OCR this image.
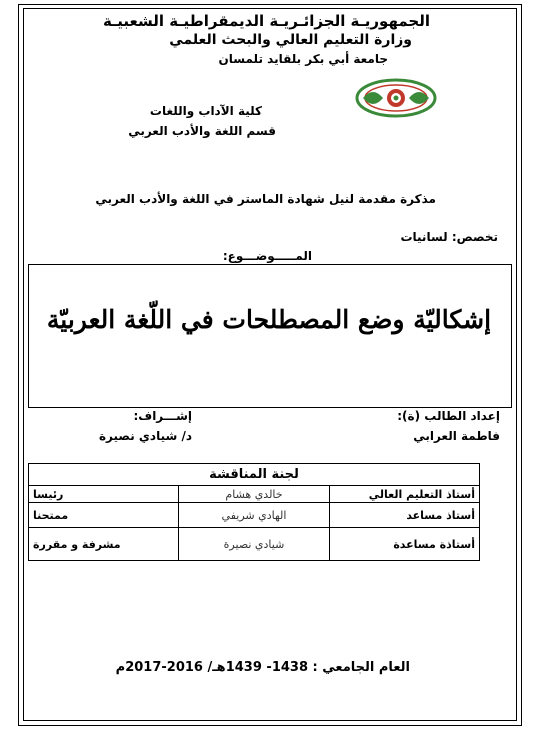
الجمهوريـة الجزائـريـة الديمقراطيـة الشعبيـة
وزارة التعليم العالي والبحث العلمي
جامعة أبي بكر بلقايد تلمسان
كلية الآداب واللغات
قسم اللغة والأدب العربي
مذكرة مقدمة لنيل شهادة الماستر في اللغة والأدب العربي
تخصص: لسانيات
المـــــوضـــوع:
إشكاليّة وضع المصطلحات في اللّغة العربيّة
إعداد الطالب (ة):
فاطمة العرابي
إشـــراف:
د/ شيادي نصيرة
لجنة المناقشة		
أستاذ التعليم العالي	خالدي هشام	رئيسا
أستاذ مساعد	الهادي شريفي	ممتحنا
أستاذة مساعدة	شيادي نصيرة	مشرفة و مقررة
العام الجامعي : 1438- 1439هـ/ 2016-2017م
